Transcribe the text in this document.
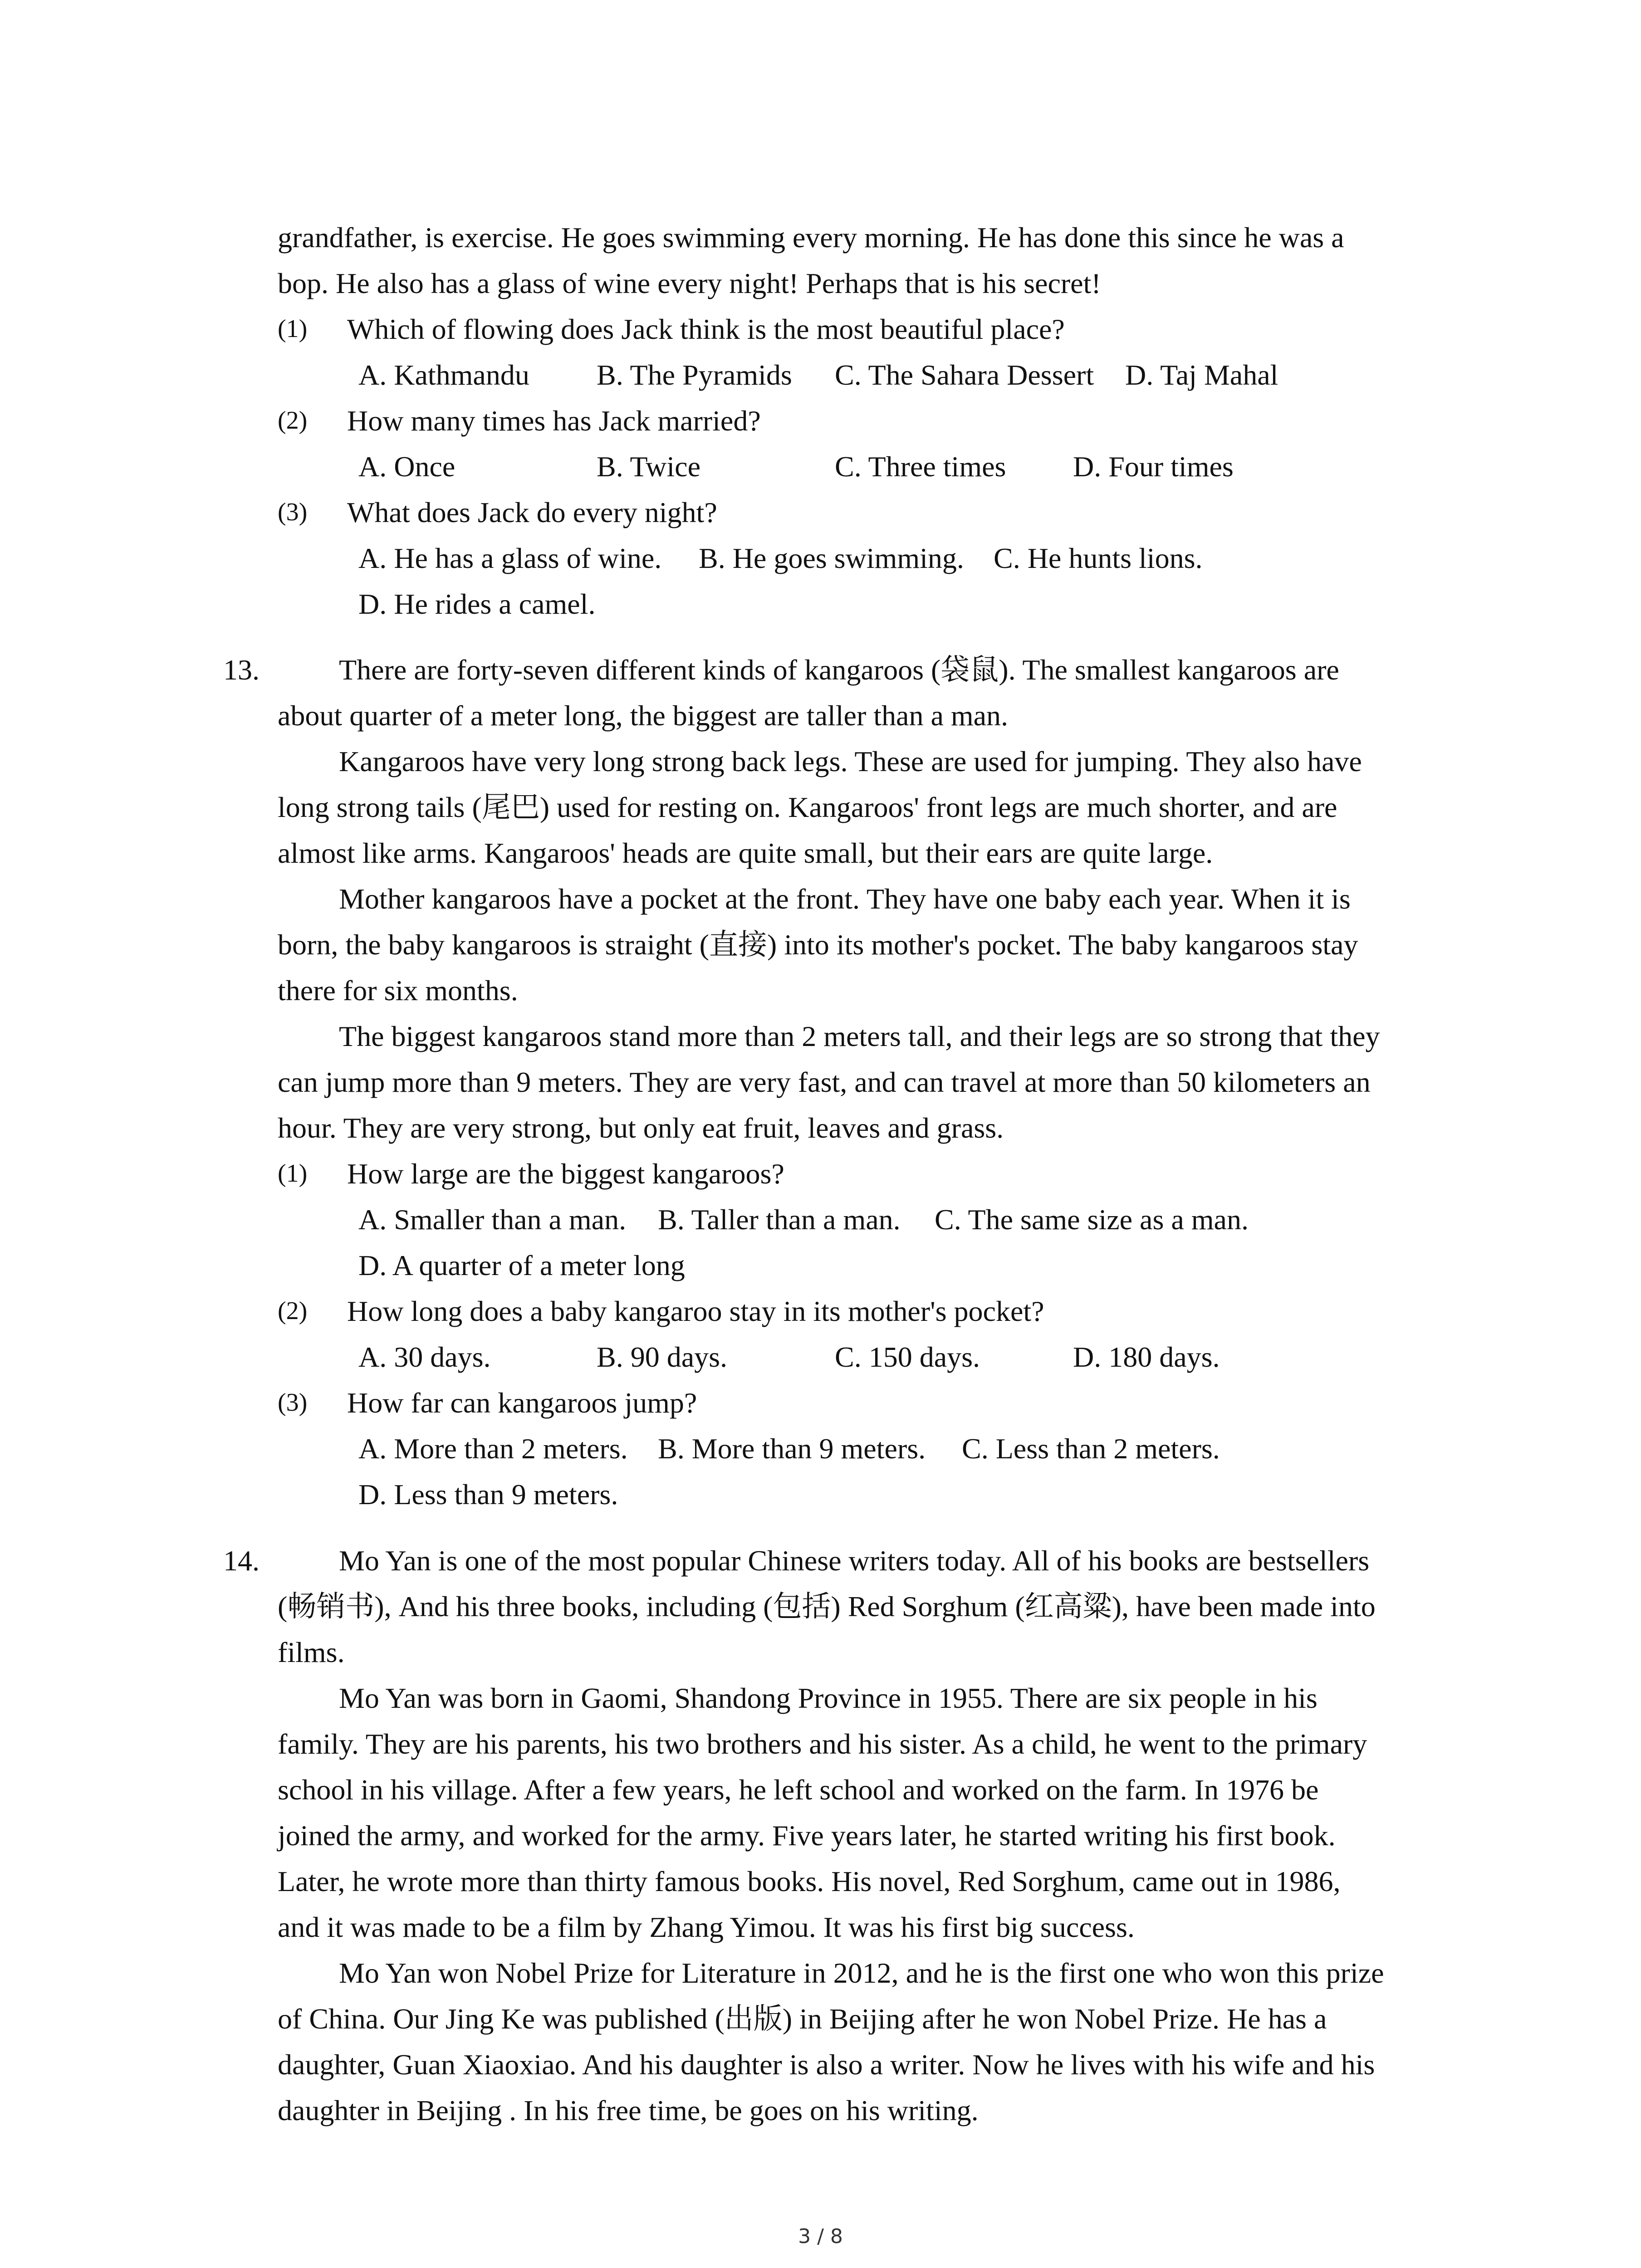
grandfather, is exercise. He goes swimming every morning. He has done this since he was a
bop. He also has a glass of wine every night! Perhaps that is his secret!
(1) Which of flowing does Jack think is the most beautiful place?
A. Kathmandu B. The Pyramids C. The Sahara Dessert D. Taj Mahal
(2) How many times has Jack married?
A. Once	B. Twice	C. Three times D. Four times
(3) What does Jack do every night?
A. He has a glass of wine. B. He goes swimming. C. He hunts lions.
D. He rides a camel.
13.	There are forty-seven different kinds of kangaroos (袋鼠). The smallest kangaroos are
about quarter of a meter long, the biggest are taller than a man.
Kangaroos have very long strong back legs. These are used for jumping. They also have
long strong tails (尾巴) used for resting on. Kangaroos' front legs are much shorter, and are
almost like arms. Kangaroos' heads are quite small, but their ears are quite large.
Mother kangaroos have a pocket at the front. They have one baby each year. When it is
born, the baby kangaroos is straight (直接) into its mother's pocket. The baby kangaroos stay
there for six months.
The biggest kangaroos stand more than 2 meters tall, and their legs are so strong that they
can jump more than 9 meters. They are very fast, and can travel at more than 50 kilometers an
hour. They are very strong, but only eat fruit, leaves and grass.
(1) How large are the biggest kangaroos?
A. Smaller than a man. B. Taller than a man. C. The same size as a man.
D. A quarter of a meter long
(2) How long does a baby kangaroo stay in its mother's pocket?
A. 30 days.	B. 90 days.	C. 150 days.	D. 180 days.
(3) How far can kangaroos jump?
A. More than 2 meters. B. More than 9 meters. C. Less than 2 meters.
D. Less than 9 meters.
14.	Mo Yan is one of the most popular Chinese writers today. All of his books are bestsellers
(畅销书), And his three books, including (包括) Red Sorghum (红高粱), have been made into
films.
Mo Yan was born in Gaomi, Shandong Province in 1955. There are six people in his
family. They are his parents, his two brothers and his sister. As a child, he went to the primary
school in his village. After a few years, he left school and worked on the farm. In 1976 be
joined the army, and worked for the army. Five years later, he started writing his first book.
Later, he wrote more than thirty famous books. His novel, Red Sorghum, came out in 1986,
and it was made to be a film by Zhang Yimou. It was his first big success.
Mo Yan won Nobel Prize for Literature in 2012, and he is the first one who won this prize
of China. Our Jing Ke was published (出版) in Beijing after he won Nobel Prize. He has a
daughter, Guan Xiaoxiao. And his daughter is also a writer. Now he lives with his wife and his
daughter in Beijing . In his free time, be goes on his writing.
3 / 8
